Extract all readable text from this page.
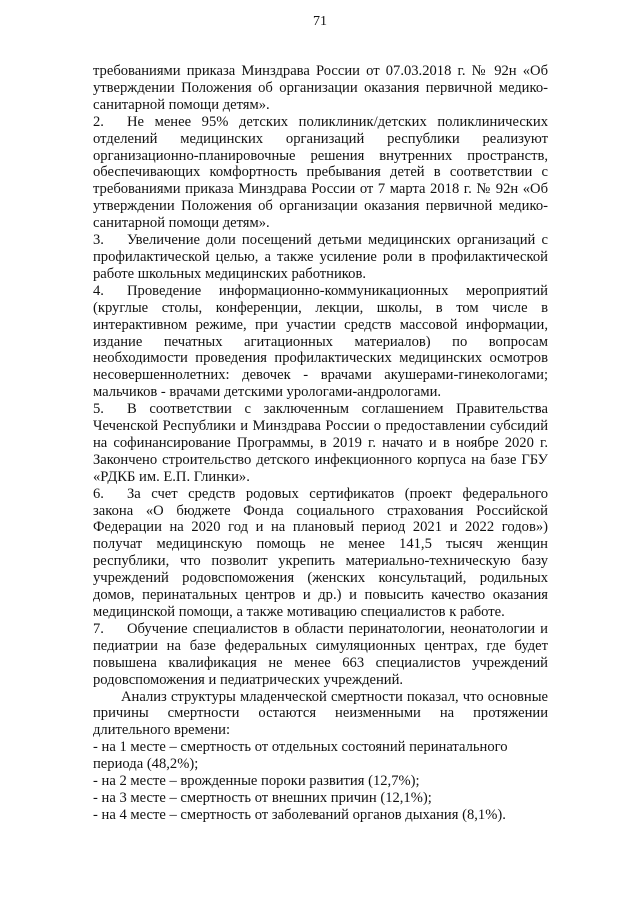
71

требованиями приказа Минздрава России от 07.03.2018 г. № 92н «Об утверждении Положения об организации оказания первичной медико-санитарной помощи детям».

2. Не менее 95% детских поликлиник/детских поликлинических отделений медицинских организаций республики реализуют организационно-планировочные решения внутренних пространств, обеспечивающих комфортность пребывания детей в соответствии с требованиями приказа Минздрава России от 7 марта 2018 г. № 92н «Об утверждении Положения об организации оказания первичной медико-санитарной помощи детям».

3. Увеличение доли посещений детьми медицинских организаций с профилактической целью, а также усиление роли в профилактической работе школьных медицинских работников.

4. Проведение информационно-коммуникационных мероприятий (круглые столы, конференции, лекции, школы, в том числе в интерактивном режиме, при участии средств массовой информации, издание печатных агитационных материалов) по вопросам необходимости проведения профилактических медицинских осмотров несовершеннолетних: девочек - врачами акушерами-гинекологами; мальчиков - врачами детскими урологами-андрологами.

5. В соответствии с заключенным соглашением Правительства Чеченской Республики и Минздрава России о предоставлении субсидий на софинансирование Программы, в 2019 г. начато и в ноябре 2020 г. Закончено строительство детского инфекционного корпуса на базе ГБУ «РДКБ им. Е.П. Глинки».

6. За счет средств родовых сертификатов (проект федерального закона «О бюджете Фонда социального страхования Российской Федерации на 2020 год и на плановый период 2021 и 2022 годов») получат медицинскую помощь не менее 141,5 тысяч женщин республики, что позволит укрепить материально-техническую базу учреждений родовспоможения (женских консультаций, родильных домов, перинатальных центров и др.) и повысить качество оказания медицинской помощи, а также мотивацию специалистов к работе.

7. Обучение специалистов в области перинатологии, неонатологии и педиатрии на базе федеральных симуляционных центрах, где будет повышена квалификация не менее 663 специалистов учреждений родовспоможения и педиатрических учреждений.

Анализ структуры младенческой смертности показал, что основные причины смертности остаются неизменными на протяжении длительного времени:

- на 1 месте – смертность от отдельных состояний перинатального периода (48,2%);

- на 2 месте – врожденные пороки развития (12,7%);

- на 3 месте – смертность от внешних причин (12,1%);

- на 4 месте – смертность от заболеваний органов дыхания (8,1%).
